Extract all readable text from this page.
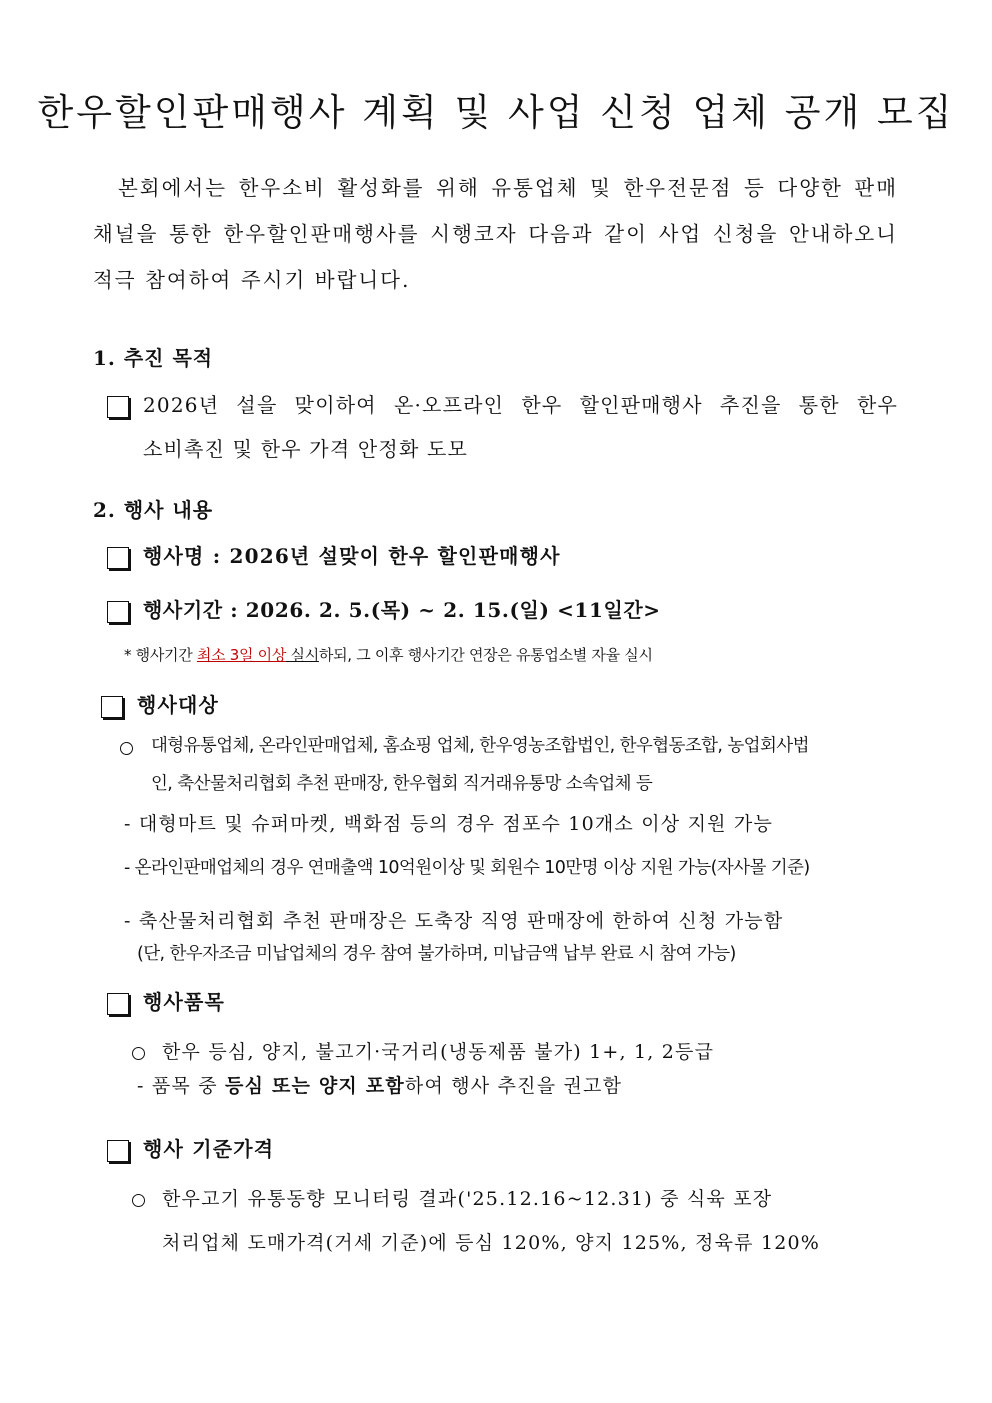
한우할인판매행사 계획 및 사업 신청 업체 공개 모집
본회에서는 한우소비 활성화를 위해 유통업체 및 한우전문점 등 다양한 판매
채널을 통한 한우할인판매행사를 시행코자 다음과 같이 사업 신청을 안내하오니
적극 참여하여 주시기 바랍니다.
1. 추진 목적
2026년 설을 맞이하여 온·오프라인 한우 할인판매행사 추진을 통한 한우
소비촉진 및 한우 가격 안정화 도모
2. 행사 내용
행사명 : 2026년 설맞이 한우 할인판매행사
행사기간 : 2026. 2. 5.(목) ~ 2. 15.(일) <11일간>
* 행사기간 최소 3일 이상 실시하되, 그 이후 행사기간 연장은 유통업소별 자율 실시
행사대상
대형유통업체, 온라인판매업체, 홈쇼핑 업체, 한우영농조합법인, 한우협동조합, 농업회사법
인, 축산물처리협회 추천 판매장, 한우협회 직거래유통망 소속업체 등
- 대형마트 및 슈퍼마켓, 백화점 등의 경우 점포수 10개소 이상 지원 가능
- 온라인판매업체의 경우 연매출액 10억원이상 및 회원수 10만명 이상 지원 가능(자사몰 기준)
- 축산물처리협회 추천 판매장은 도축장 직영 판매장에 한하여 신청 가능함
(단, 한우자조금 미납업체의 경우 참여 불가하며, 미납금액 납부 완료 시 참여 가능)
행사품목
한우 등심, 양지, 불고기·국거리(냉동제품 불가) 1+, 1, 2등급
- 품목 중 등심 또는 양지 포함하여 행사 추진을 권고함
행사 기준가격
한우고기 유통동향 모니터링 결과('25.12.16~12.31) 중 식육 포장
처리업체 도매가격(거세 기준)에 등심 120%, 양지 125%, 정육류 120%
